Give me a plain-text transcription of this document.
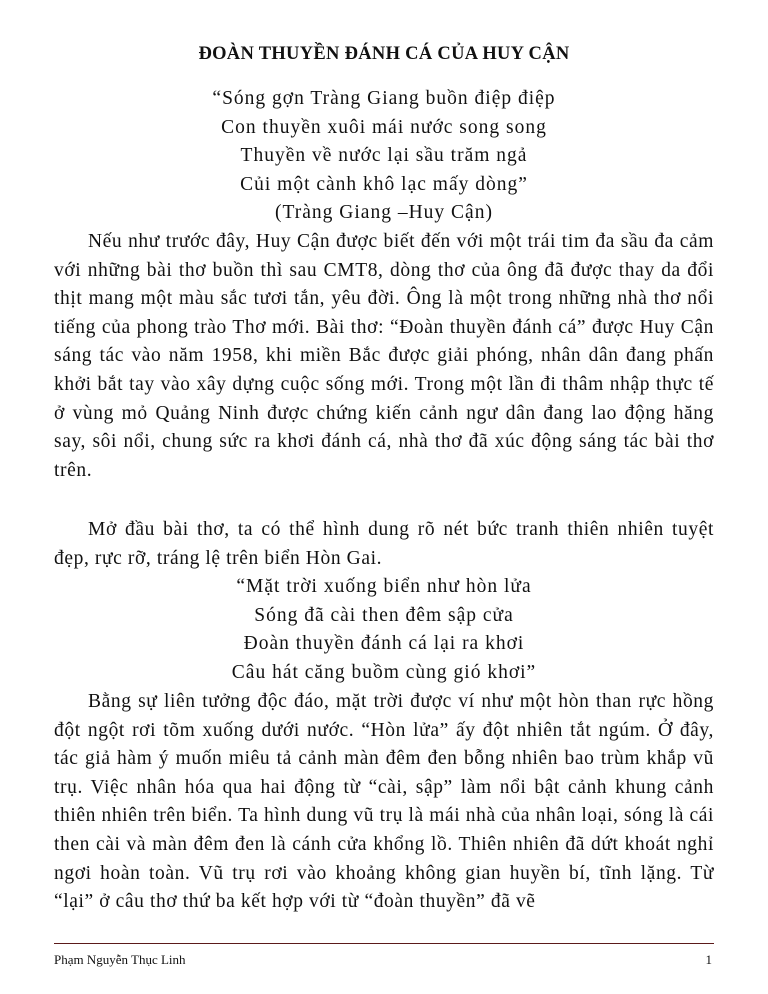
ĐOÀN THUYỀN ĐÁNH CÁ CỦA HUY CẬN
“Sóng gợn Tràng Giang buồn điệp điệp
Con thuyền xuôi mái nước song song
Thuyền về nước lại sầu trăm ngả
Củi một cành khô lạc mấy dòng”
(Tràng Giang –Huy Cận)

Nếu như trước đây, Huy Cận được biết đến với một trái tim đa sầu đa cảm với những bài thơ buồn thì sau CMT8, dòng thơ của ông đã được thay da đổi thịt mang một màu sắc tươi tắn, yêu đời. Ông là một trong những nhà thơ nổi tiếng của phong trào Thơ mới. Bài thơ: “Đoàn thuyền đánh cá” được Huy Cận sáng tác vào năm 1958, khi miền Bắc được giải phóng, nhân dân đang phấn khởi bắt tay vào xây dựng cuộc sống mới. Trong một lần đi thâm nhập thực tế ở vùng mỏ Quảng Ninh được chứng kiến cảnh ngư dân đang lao động hăng say, sôi nổi, chung sức ra khơi đánh cá, nhà thơ đã xúc động sáng tác bài thơ trên.

Mở đầu bài thơ, ta có thể hình dung rõ nét bức tranh thiên nhiên tuyệt đẹp, rực rỡ, tráng lệ trên biển Hòn Gai.

“Mặt trời xuống biển như hòn lửa
Sóng đã cài then đêm sập cửa
Đoàn thuyền đánh cá lại ra khơi
Câu hát căng buồm cùng gió khơi”

Bằng sự liên tưởng độc đáo, mặt trời được ví như một hòn than rực hồng đột ngột rơi tõm xuống dưới nước. “Hòn lửa” ấy đột nhiên tắt ngúm. Ở đây, tác giả hàm ý muốn miêu tả cảnh màn đêm đen bỗng nhiên bao trùm khắp vũ trụ. Việc nhân hóa qua hai động từ “cài, sập” làm nổi bật cảnh khung cảnh thiên nhiên trên biển. Ta hình dung vũ trụ là mái nhà của nhân loại, sóng là cái then cài và màn đêm đen là cánh cửa khổng lồ. Thiên nhiên đã dứt khoát nghỉ ngơi hoàn toàn. Vũ trụ rơi vào khoảng không gian huyền bí, tĩnh lặng. Từ “lại” ở câu thơ thứ ba kết hợp với từ “đoàn thuyền” đã vẽ

Phạm Nguyễn Thục Linh	1
